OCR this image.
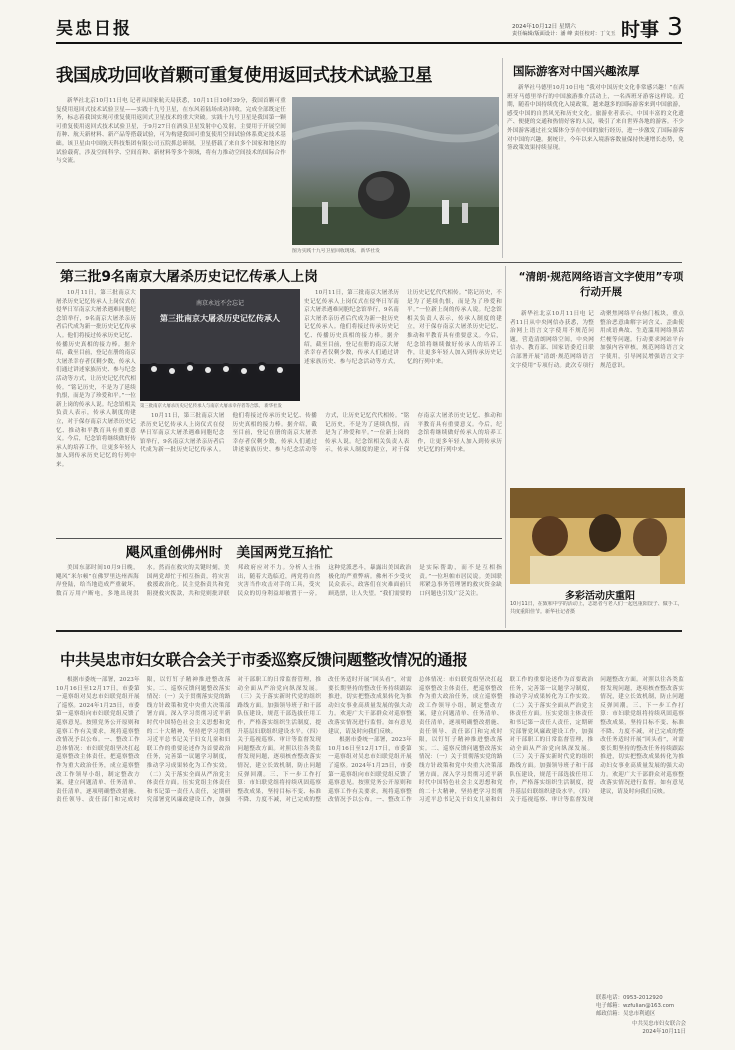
吴忠日报	2024年10月12日 星期六
责任编辑/版面设计：潘 峰 责任校对：丁文玉 时事 3
我国成功回收首颗可重复使用返回式技术试验卫星

新华社北京10月11日电 记者从国家航天局获悉，10月11日10时39分，我国首颗可重复使用返回式技术试验卫星——实践十九号卫星，在东风着陆场成功回收，完成全部既定任务，标志着我国实现可重复使用返回式卫星技术的重大突破。实践十九号卫星是我国第一颗可重复使用返回式技术试验卫星，于9月27日在酒泉卫星发射中心发射，主要用于开展空间育种、航天新材料、新产品等搭载试验，可为构建我国可重复使用空间试验体系奠定技术基础。该卫星由中国航天科技集团有限公司五院抓总研制，卫星搭载了来自多个国家和地区的试验载荷，涉及空间科学、空间育种、新材料等多个领域，将有力推动空间技术的国际合作与交流。

图为实践十九号卫星回收现场。 新华社发
国际游客对中国兴趣浓厚

新华社马德里10月10日电 “我对中国历史文化非常感兴趣！”在西班牙马德里举行的中国旅游推介活动上，一名西班牙游客这样说。近期，随着中国持续优化入境政策，越来越多的国际游客来到中国旅游，感受中国的自然风光和历史文化。旅游业者表示，中国丰富的文化遗产、便捷的交通和热情好客的人民，吸引了来自世界各地的游客。不少外国游客通过社交媒体分享在中国的旅行经历，进一步激发了国际游客对中国的兴趣。据统计，今年以来入境游客数量保持快速增长态势，免签政策效果持续显现。

第三批9名南京大屠杀历史记忆传承人上岗

10月11日，第三批南京大屠杀历史记忆传承人上岗仪式在侵华日军南京大屠杀遇难同胞纪念馆举行，9名南京大屠杀亲历者后代成为新一批历史记忆传承人。他们将接过传承历史记忆、传播历史真相的接力棒。据介绍，截至目前，登记在册的南京大屠杀幸存者仅剩少数，传承人们通过讲述家族历史、参与纪念活动等方式，让历史记忆代代相传。“铭记历史，不是为了延续仇恨，而是为了珍爱和平。”一位新上岗的传承人说。纪念馆相关负责人表示，传承人制度的建立，对于保存南京大屠杀历史记忆、推动和平教育具有重要意义。今后，纪念馆将继续做好传承人的培养工作，让更多年轻人加入到传承历史记忆的行列中来。

南京永远不会忘记
第三批南京大屠杀历史记忆传承人
第三批南京大屠杀历史记忆传承人与南京大屠杀幸存者等合影。 新华社发

10月11日，第三批南京大屠杀历史记忆传承人上岗仪式在侵华日军南京大屠杀遇难同胞纪念馆举行，9名南京大屠杀亲历者后代成为新一批历史记忆传承人。他们将接过传承历史记忆、传播历史真相的接力棒。据介绍，截至目前，登记在册的南京大屠杀幸存者仅剩少数，传承人们通过讲述家族历史、参与纪念活动等方式，让历史记忆代代相传。“铭记历史，不是为了延续仇恨，而是为了珍爱和平。”一位新上岗的传承人说。纪念馆相关负责人表示，传承人制度的建立，对于保存南京大屠杀历史记忆、推动和平教育具有重要意义。今后，纪念馆将继续做好传承人的培养工作，让更多年轻人加入到传承历史记忆的行列中来。

10月11日，第三批南京大屠杀历史记忆传承人上岗仪式在侵华日军南京大屠杀遇难同胞纪念馆举行，9名南京大屠杀亲历者后代成为新一批历史记忆传承人。他们将接过传承历史记忆、传播历史真相的接力棒。据介绍，截至目前，登记在册的南京大屠杀幸存者仅剩少数，传承人们通过讲述家族历史、参与纪念活动等方式，让历史记忆代代相传。“铭记历史，不是为了延续仇恨，而是为了珍爱和平。”一位新上岗的传承人说。纪念馆相关负责人表示，传承人制度的建立，对于保存南京大屠杀历史记忆、推动和平教育具有重要意义。今后，纪念馆将继续做好传承人的培养工作，让更多年轻人加入到传承历史记忆的行列中来。

“清朗·规范网络语言文字使用”专项行动开展

新华社北京10月11日电 记者11日从中央网信办获悉，为整治网上语言文字使用不规范问题，营造清朗网络空间，中央网信办、教育部、国家语委近日联合部署开展“清朗·规范网络语言文字使用”专项行动。此次专项行动聚焦网络平台热门板块，重点整治恶意曲解字词含义、歪曲使用成语典故、生造滥用网络黑话烂梗等问题。行动要求网站平台加强内容审核，规范网络语言文字使用，引导网民增强语言文字规范意识。

多彩活动庆重阳
10月11日，在致和中学的活动上，志愿者与老人们一起包重阳饺子、做手工，共度重阳佳节。新华社记者摄
飓风重创佛州时　美国两党互掐忙

美国东部时间10月9日晚，飓风“米尔顿”在佛罗里达州西海岸登陆，给当地造成严重破坏。数百万用户断电，多地出现洪水。然而在救灾的关键时刻，美国两党却忙于相互指责，将灾害救援政治化。民主党指责共和党阻挠救灾拨款，共和党则批评联邦政府应对不力。分析人士指出，随着大选临近，两党将自然灾害当作攻击对手的工具，受灾民众的切身利益却被置于一旁。这种党派恶斗，暴露出美国政治极化的严重弊病。佛州不少受灾民众表示，政客们在灾难面前只顾选票，让人失望。“我们需要的是实际帮助，而不是互相指责。”一位坦帕市居民说。美国联邦紧急事务管理署的救灾资金缺口问题也引发广泛关注。

中共吴忠市妇女联合会关于市委巡察反馈问题整改情况的通报

根据市委统一部署，2023年10月16日至12月17日，市委第一巡察组对吴忠市妇联党组开展了巡察。2024年1月25日，市委第一巡察组向市妇联党组反馈了巡察意见。按照党务公开原则和巡察工作有关要求，现将巡察整改情况予以公布。一、整改工作总体情况：市妇联党组坚决扛起巡察整改主体责任，把巡察整改作为重大政治任务，成立巡察整改工作领导小组，制定整改方案，建立问题清单、任务清单、责任清单，逐项明确整改措施、责任领导、责任部门和完成时限，以钉钉子精神推进整改落实。二、巡察反馈问题整改落实情况：（一）关于贯彻落实党的路线方针政策和党中央重大决策部署方面。深入学习贯彻习近平新时代中国特色社会主义思想和党的二十大精神，坚持把学习贯彻习近平总书记关于妇女儿童和妇联工作的重要论述作为首要政治任务，完善第一议题学习制度，推动学习成果转化为工作实效。（二）关于落实全面从严治党主体责任方面。压实党组主体责任和书记第一责任人责任，定期研究部署党风廉政建设工作，加强对干部职工的日常监督管理，推动全面从严治党向纵深发展。（三）关于落实新时代党的组织路线方面。加强领导班子和干部队伍建设，规范干部选拔任用工作，严格落实组织生活制度，提升基层妇联组织建设水平。（四）关于巡视巡察、审计等监督发现问题整改方面。对照以往各类监督发现问题，逐项核查整改落实情况，建立长效机制，防止问题反弹回潮。三、下一步工作打算：市妇联党组将持续巩固巡察整改成果，坚持目标不变、标准不降、力度不减，对已完成的整改任务适时开展“回头看”，对需要长期坚持的整改任务持续跟踪推进，切实把整改成果转化为推动妇女事业高质量发展的强大动力。欢迎广大干部群众对巡察整改落实情况进行监督。如有意见建议，请及时向我们反映。

根据市委统一部署，2023年10月16日至12月17日，市委第一巡察组对吴忠市妇联党组开展了巡察。2024年1月25日，市委第一巡察组向市妇联党组反馈了巡察意见。按照党务公开原则和巡察工作有关要求，现将巡察整改情况予以公布。一、整改工作总体情况：市妇联党组坚决扛起巡察整改主体责任，把巡察整改作为重大政治任务，成立巡察整改工作领导小组，制定整改方案，建立问题清单、任务清单、责任清单，逐项明确整改措施、责任领导、责任部门和完成时限，以钉钉子精神推进整改落实。二、巡察反馈问题整改落实情况：（一）关于贯彻落实党的路线方针政策和党中央重大决策部署方面。深入学习贯彻习近平新时代中国特色社会主义思想和党的二十大精神，坚持把学习贯彻习近平总书记关于妇女儿童和妇联工作的重要论述作为首要政治任务，完善第一议题学习制度，推动学习成果转化为工作实效。（二）关于落实全面从严治党主体责任方面。压实党组主体责任和书记第一责任人责任，定期研究部署党风廉政建设工作，加强对干部职工的日常监督管理，推动全面从严治党向纵深发展。（三）关于落实新时代党的组织路线方面。加强领导班子和干部队伍建设，规范干部选拔任用工作，严格落实组织生活制度，提升基层妇联组织建设水平。（四）关于巡视巡察、审计等监督发现问题整改方面。对照以往各类监督发现问题，逐项核查整改落实情况，建立长效机制，防止问题反弹回潮。三、下一步工作打算：市妇联党组将持续巩固巡察整改成果，坚持目标不变、标准不降、力度不减，对已完成的整改任务适时开展“回头看”，对需要长期坚持的整改任务持续跟踪推进，切实把整改成果转化为推动妇女事业高质量发展的强大动力。欢迎广大干部群众对巡察整改落实情况进行监督。如有意见建议，请及时向我们反映。

联系电话：0953-2012920
电子邮箱：wzfulian@163.com
邮政信箱：吴忠市利通区
中共吴忠市妇女联合会
2024年10月11日
